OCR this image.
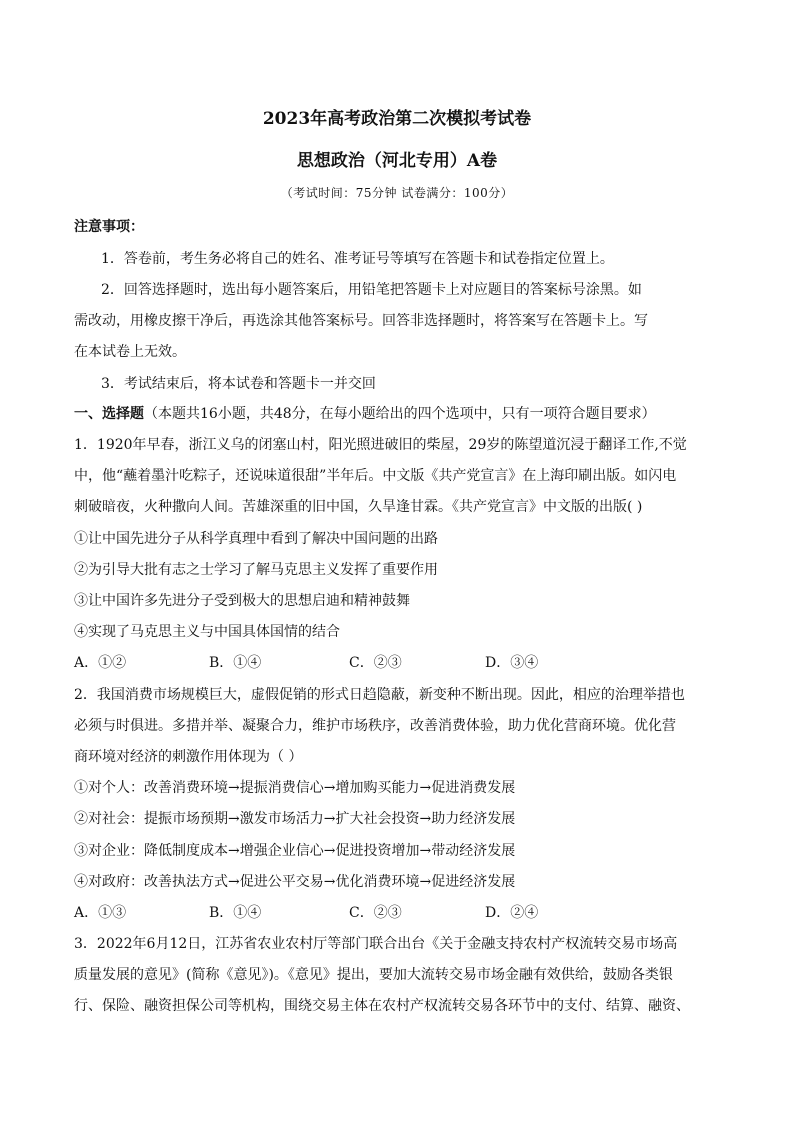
2023年高考政治第二次模拟考试卷
思想政治（河北专用）A卷
（考试时间：75分钟 试卷满分：100分）
注意事项：
1．答卷前，考生务必将自己的姓名、准考证号等填写在答题卡和试卷指定位置上。
2．回答选择题时，选出每小题答案后，用铅笔把答题卡上对应题目的答案标号涂黑。如
需改动，用橡皮擦干净后，再选涂其他答案标号。回答非选择题时，将答案写在答题卡上。写
在本试卷上无效。
3．考试结束后，将本试卷和答题卡一并交回
一、选择题（本题共16小题，共48分，在每小题给出的四个选项中，只有一项符合题目要求）
1．1920年早春，浙江义乌的闭塞山村，阳光照进破旧的柴屋，29岁的陈望道沉浸于翻译工作,不觉
中，他“蘸着墨汁吃粽子，还说味道很甜”半年后。中文版《共产党宣言》在上海印刷出版。如闪电
刺破暗夜，火种撒向人间。苦雄深重的旧中国，久旱逢甘霖。《共产党宣言》中文版的出版( )
①让中国先进分子从科学真理中看到了解决中国问题的出路
②为引导大批有志之士学习了解马克思主义发挥了重要作用
③让中国许多先进分子受到极大的思想启迪和精神鼓舞
④实现了马克思主义与中国具体国情的结合
A．①②	B．①④	C．②③	D．③④
2．我国消费市场规模巨大，虚假促销的形式日趋隐蔽，新变种不断出现。因此，相应的治理举措也
必须与时俱进。多措并举、凝聚合力，维护市场秩序，改善消费体验，助力优化营商环境。优化营
商环境对经济的刺激作用体现为（ ）
①对个人：改善消费环境→提振消费信心→增加购买能力→促进消费发展
②对社会：提振市场预期→激发市场活力→扩大社会投资→助力经济发展
③对企业：降低制度成本→增强企业信心→促进投资增加→带动经济发展
④对政府：改善执法方式→促进公平交易→优化消费环境→促进经济发展
A．①③	B．①④	C．②③	D．②④
3．2022年6月12日，江苏省农业农村厅等部门联合出台《关于金融支持农村产权流转交易市场高
质量发展的意见》(简称《意见》)。《意见》提出，要加大流转交易市场金融有效供给，鼓励各类银
行、保险、融资担保公司等机构，围绕交易主体在农村产权流转交易各环节中的支付、结算、融资、
